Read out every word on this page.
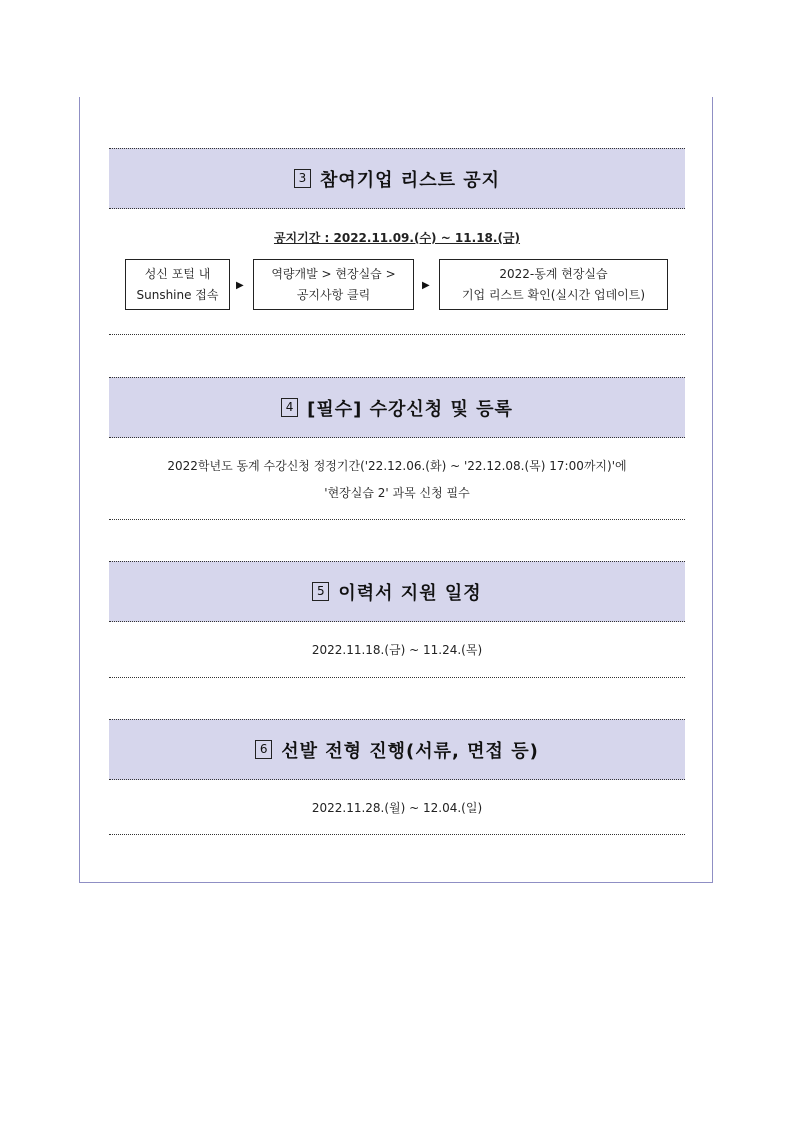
3 참여기업 리스트 공지
공지기간 : 2022.11.09.(수) ~ 11.18.(금)
성신 포털 내
Sunshine 접속
▶
역량개발 > 현장실습 >
공지사항 클릭
▶
2022-동계 현장실습
기업 리스트 확인(실시간 업데이트)
4 [필수] 수강신청 및 등록
2022학년도 동계 수강신청 정정기간('22.12.06.(화) ~ '22.12.08.(목) 17:00까지)'에
'현장실습 2' 과목 신청 필수
5 이력서 지원 일정
2022.11.18.(금) ~ 11.24.(목)
6 선발 전형 진행(서류, 면접 등)
2022.11.28.(월) ~ 12.04.(일)
